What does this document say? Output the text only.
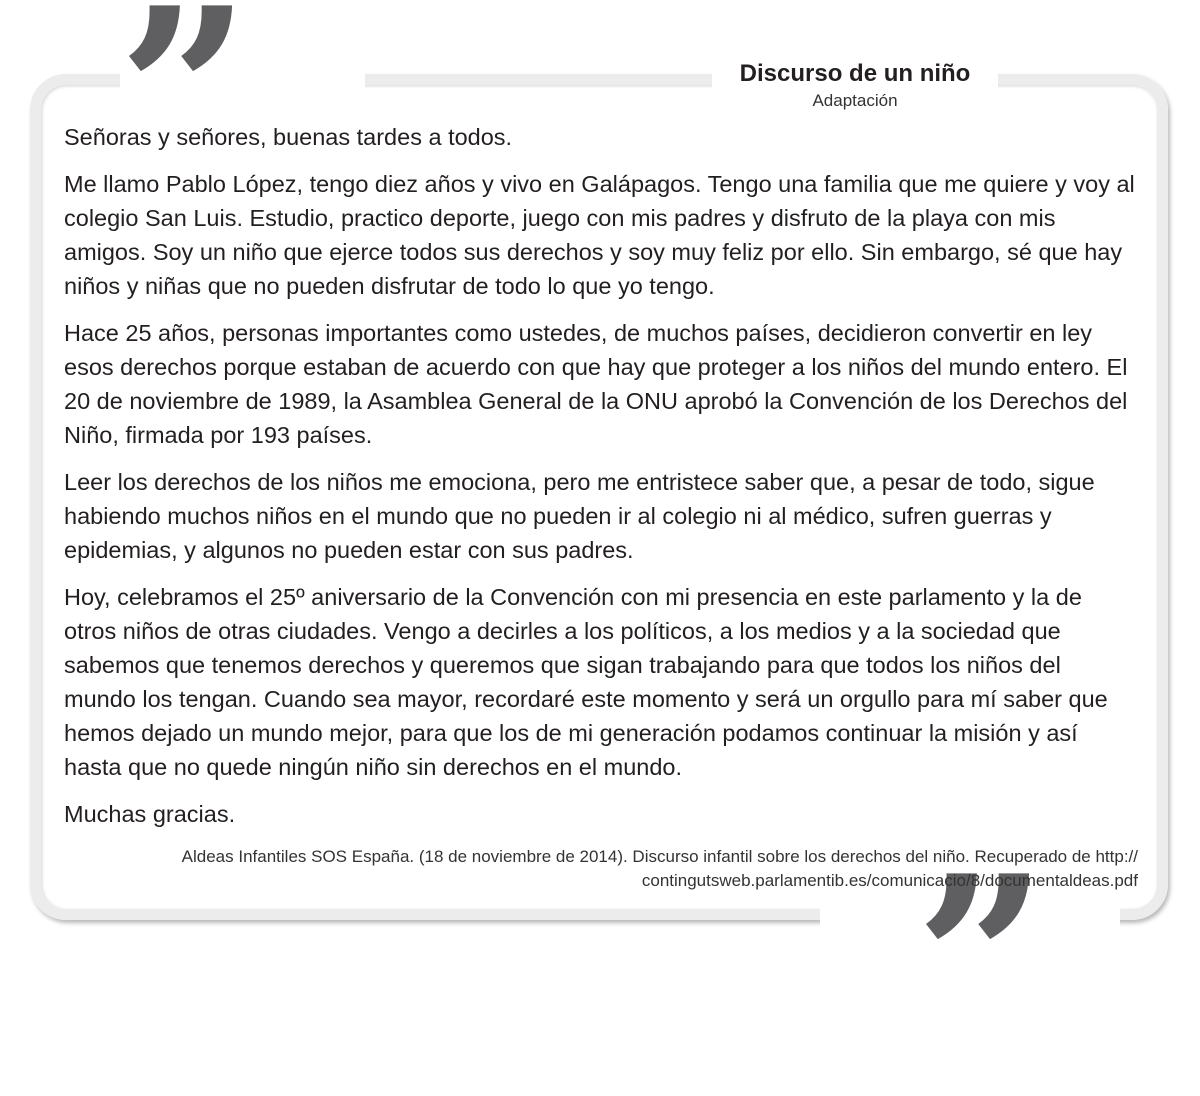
”
”
Discurso de un niño
Adaptación

Señoras y señores, buenas tardes a todos.

Me llamo Pablo López, tengo diez años y vivo en Galápagos. Tengo una familia que me quiere y voy al colegio San Luis. Estudio, practico deporte, juego con mis padres y disfruto de la playa con mis amigos. Soy un niño que ejerce todos sus derechos y soy muy feliz por ello. Sin embargo, sé que hay niños y niñas que no pueden disfrutar de todo lo que yo tengo.

Hace 25 años, personas importantes como ustedes, de muchos países, decidieron convertir en ley esos derechos porque estaban de acuerdo con que hay que proteger a los niños del mundo entero. El 20 de noviembre de 1989, la Asamblea General de la ONU aprobó la Convención de los Derechos del Niño, firmada por 193 países.

Leer los derechos de los niños me emociona, pero me entristece saber que, a pesar de todo, sigue habiendo muchos niños en el mundo que no pueden ir al colegio ni al médico, sufren guerras y epidemias, y algunos no pueden estar con sus padres.

Hoy, celebramos el 25º aniversario de la Convención con mi presencia en este parlamento y la de otros niños de otras ciudades. Vengo a decirles a los políticos, a los medios y a la sociedad que sabemos que tenemos derechos y queremos que sigan trabajando para que todos los niños del mundo los tengan. Cuando sea mayor, recordaré este momento y será un orgullo para mí saber que hemos dejado un mundo mejor, para que los de mi generación podamos continuar la misión y así hasta que no quede ningún niño sin derechos en el mundo.

Muchas gracias.

Aldeas Infantiles SOS España. (18 de noviembre de 2014). Discurso infantil sobre los derechos del niño. Recuperado de http://
contingutsweb.parlamentib.es/comunicacio/8/documentaldeas.pdf
